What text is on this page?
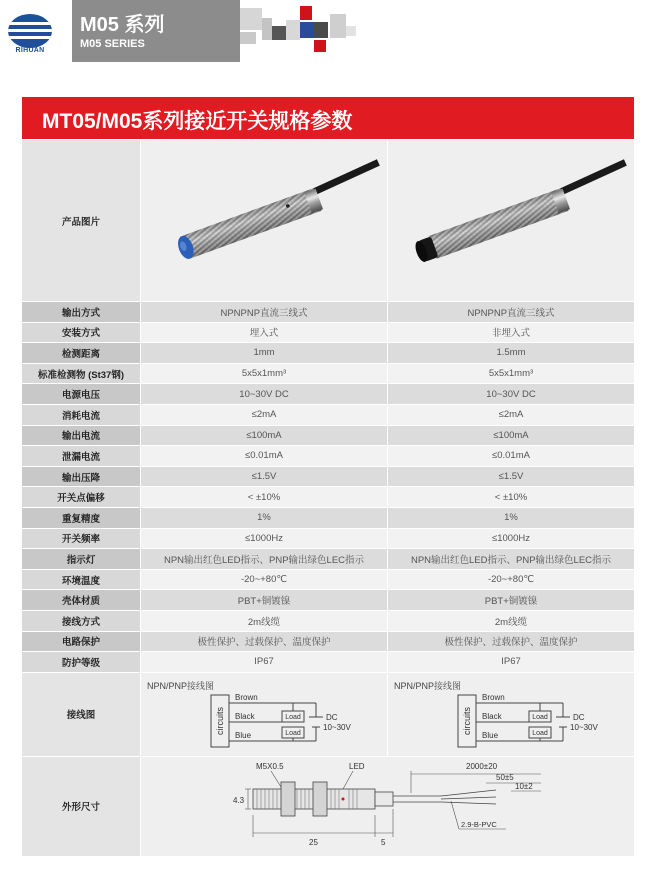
RIHUAN
M05 系列
M05 SERIES
MT05/M05系列接近开关规格参数
产品图片
输出方式	NPNPNP直流三线式	NPNPNP直流三线式
安装方式	埋入式	非埋入式
检测距离	1mm	1.5mm
标准检测物 (St37钢)	5x5x1mm³	5x5x1mm³
电源电压	10~30V DC	10~30V DC
消耗电流	≤2mA	≤2mA
输出电流	≤100mA	≤100mA
泄漏电流	≤0.01mA	≤0.01mA
输出压降	≤1.5V	≤1.5V
开关点偏移	< ±10%	< ±10%
重复精度	1%	1%
开关频率	≤1000Hz	≤1000Hz
指示灯	NPN输出红色LED指示、PNP输出绿色LEC指示	NPN输出红色LED指示、PNP输出绿色LEC指示
环境温度	-20~+80℃	-20~+80℃
壳体材质	PBT+铜镀镍	PBT+铜镀镍
接线方式	2m线缆	2m线缆
电路保护	极性保护、过载保护、温度保护	极性保护、过载保护、温度保护
防护等级	IP67	IP67
接线图
NPN/PNP接线图
circuits
Brown
Black
Blue
Load
Load
DC
10~30V
NPN/PNP接线图
circuits
Brown
Black
Blue
Load
Load
DC
10~30V
外形尺寸
M5X0.5	LED
4.3
25	5
2000±20
50±5
10±2
2.9-B-PVC
